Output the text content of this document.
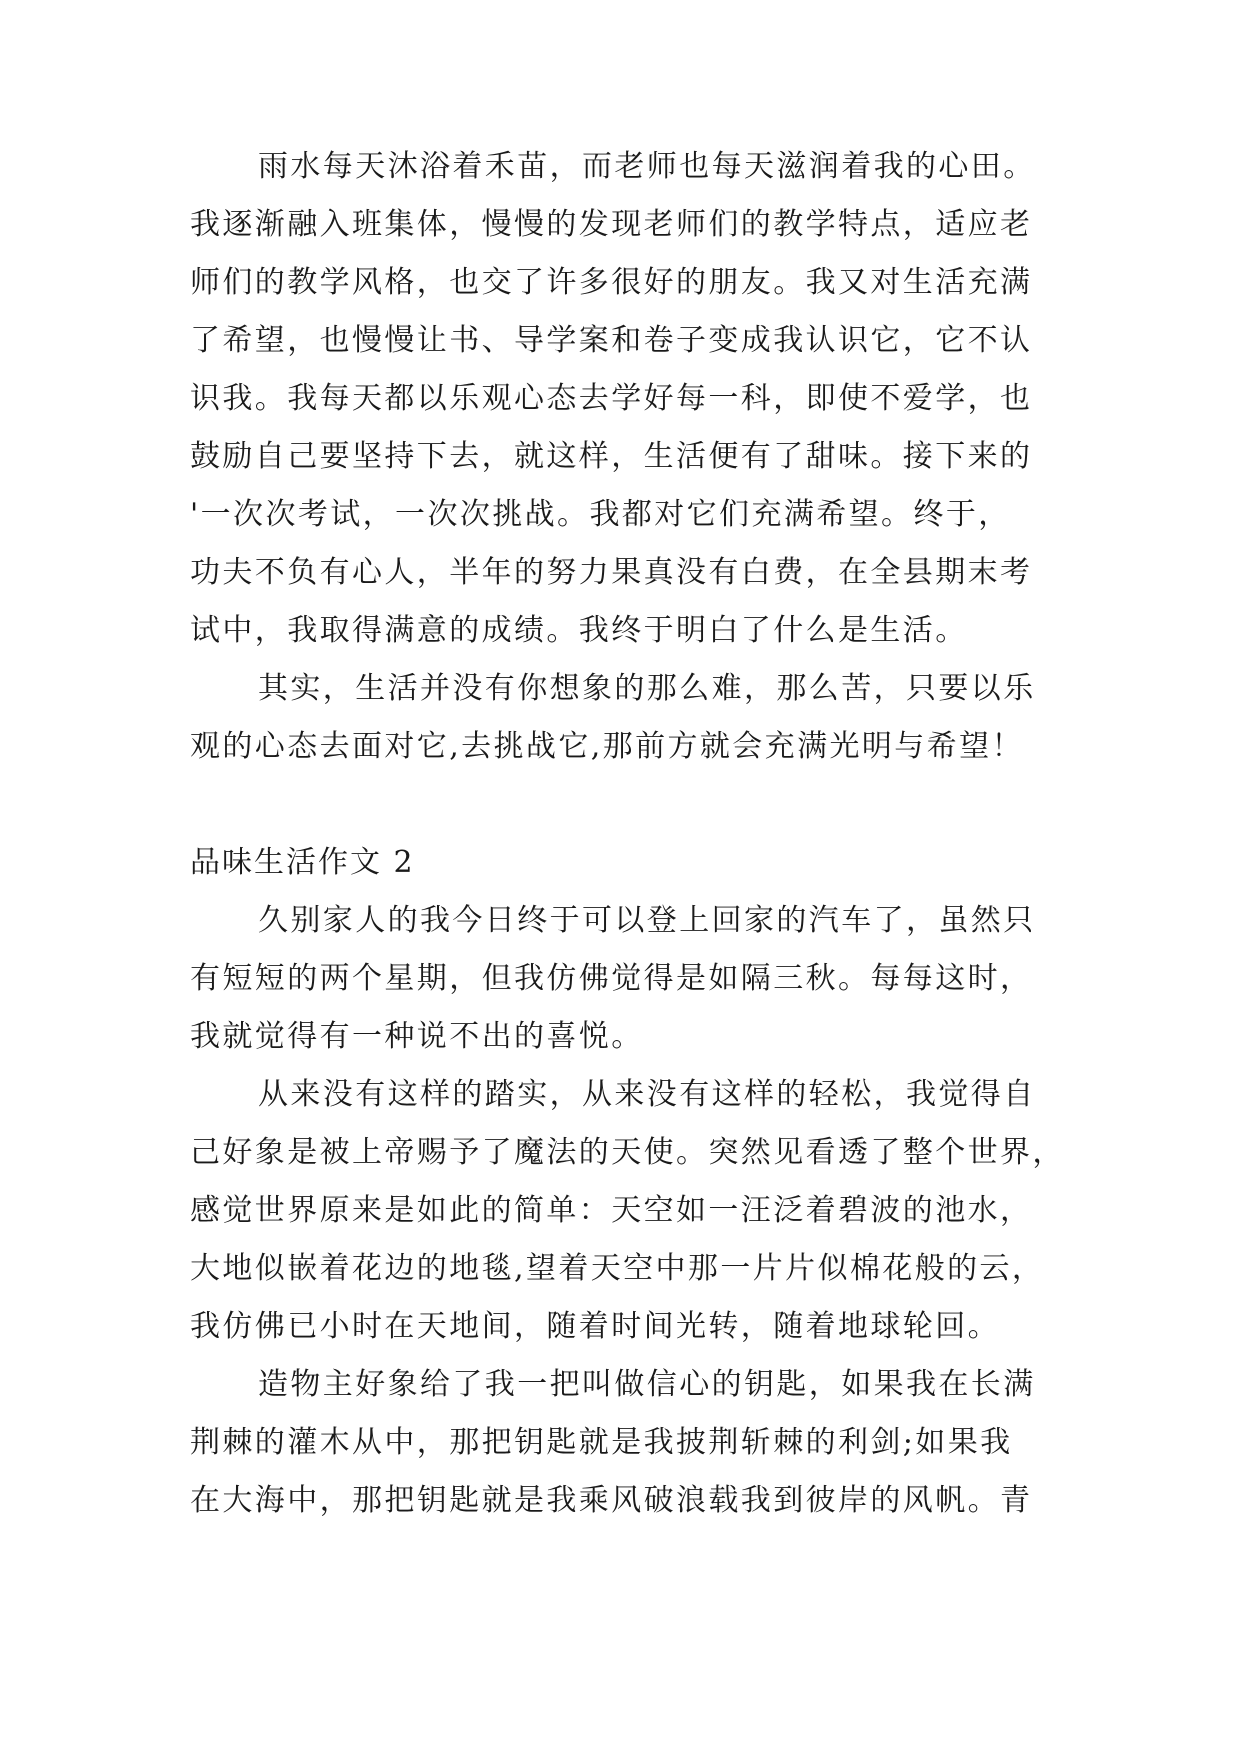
雨水每天沐浴着禾苗，而老师也每天滋润着我的心田。
我逐渐融入班集体，慢慢的发现老师们的教学特点，适应老
师们的教学风格，也交了许多很好的朋友。我又对生活充满
了希望，也慢慢让书、导学案和卷子变成我认识它，它不认
识我。我每天都以乐观心态去学好每一科，即使不爱学，也
鼓励自己要坚持下去，就这样，生活便有了甜味。接下来的
'一次次考试，一次次挑战。我都对它们充满希望。终于，
功夫不负有心人，半年的努力果真没有白费，在全县期末考
试中，我取得满意的成绩。我终于明白了什么是生活。
其实，生活并没有你想象的那么难，那么苦，只要以乐
观的心态去面对它,去挑战它,那前方就会充满光明与希望！
品味生活作文 2
久别家人的我今日终于可以登上回家的汽车了，虽然只
有短短的两个星期，但我仿佛觉得是如隔三秋。每每这时，
我就觉得有一种说不出的喜悦。
从来没有这样的踏实，从来没有这样的轻松，我觉得自
己好象是被上帝赐予了魔法的天使。突然见看透了整个世界，
感觉世界原来是如此的简单：天空如一汪泛着碧波的池水，
大地似嵌着花边的地毯,望着天空中那一片片似棉花般的云，
我仿佛已小时在天地间，随着时间光转，随着地球轮回。
造物主好象给了我一把叫做信心的钥匙，如果我在长满
荆棘的灌木从中，那把钥匙就是我披荆斩棘的利剑;如果我
在大海中，那把钥匙就是我乘风破浪载我到彼岸的风帆。青
